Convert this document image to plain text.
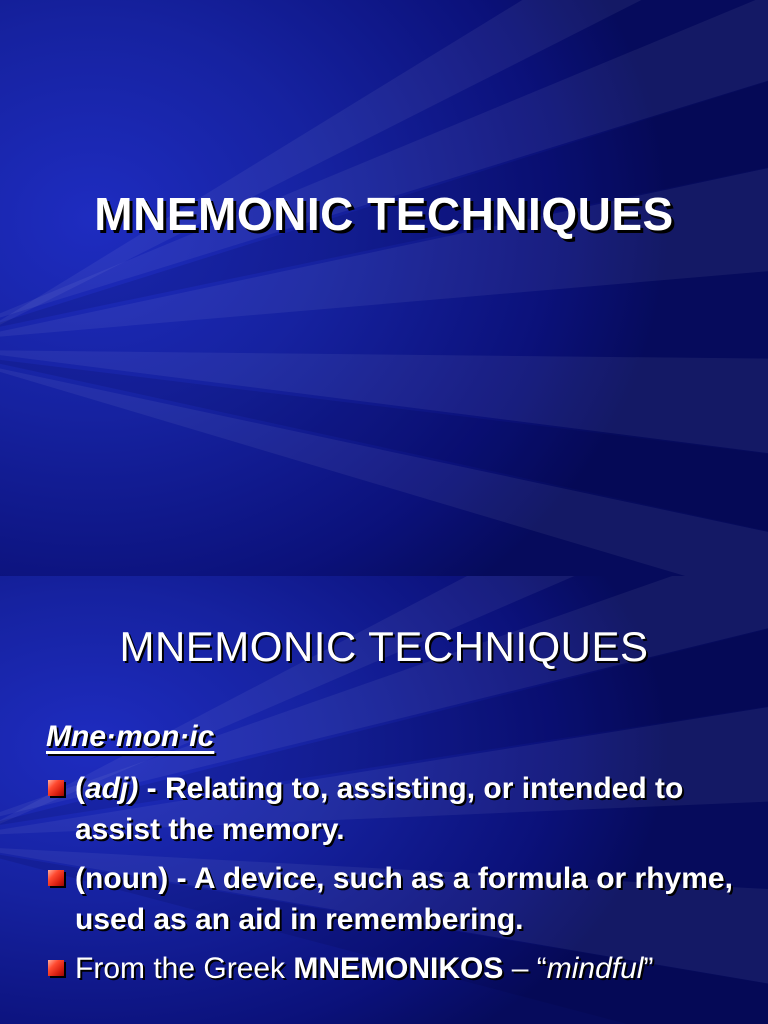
MNEMONIC TECHNIQUES
MNEMONIC TECHNIQUES
Mne·mon·ic
(adj) - Relating to, assisting, or intended to assist the memory.
(noun) - A device, such as a formula or rhyme, used as an aid in remembering.
From the Greek MNEMONIKOS – “mindful”
